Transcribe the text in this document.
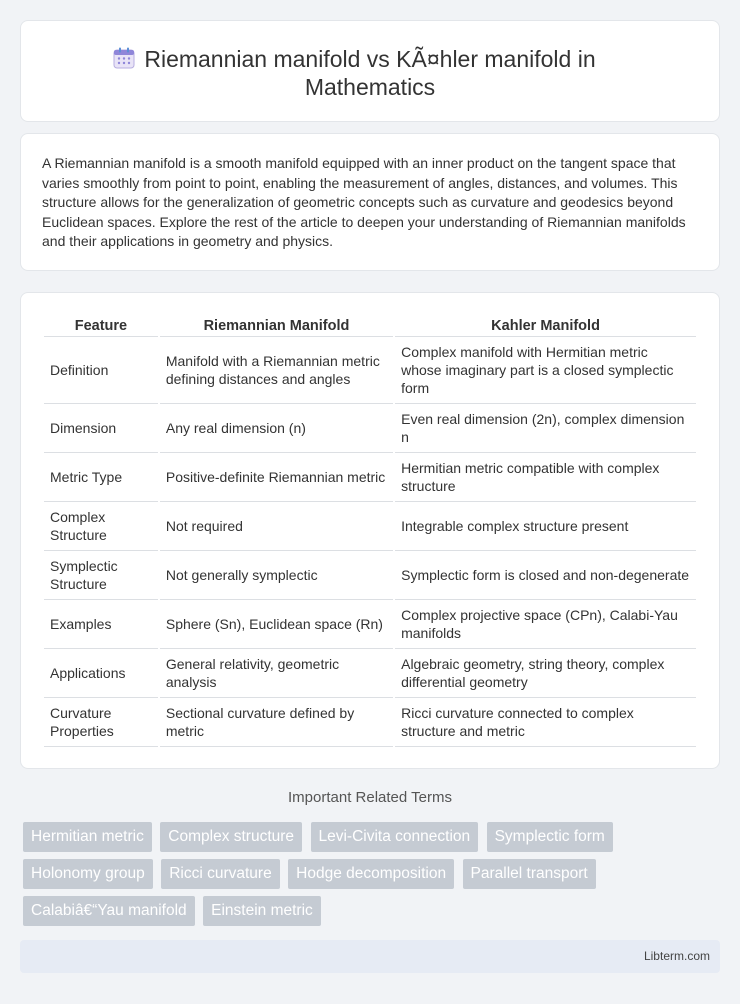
Riemannian manifold vs KÃ¤hler manifold in Mathematics

A Riemannian manifold is a smooth manifold equipped with an inner product on the tangent space that varies smoothly from point to point, enabling the measurement of angles, distances, and volumes. This structure allows for the generalization of geometric concepts such as curvature and geodesics beyond Euclidean spaces. Explore the rest of the article to deepen your understanding of Riemannian manifolds and their applications in geometry and physics.

Feature	Riemannian Manifold	Kahler Manifold
Definition	Manifold with a Riemannian metric defining distances and angles	Complex manifold with Hermitian metric whose imaginary part is a closed symplectic form
Dimension	Any real dimension (n)	Even real dimension (2n), complex dimension n
Metric Type	Positive-definite Riemannian metric	Hermitian metric compatible with complex structure
Complex Structure	Not required	Integrable complex structure present
Symplectic Structure	Not generally symplectic	Symplectic form is closed and non-degenerate
Examples	Sphere (Sn), Euclidean space (Rn)	Complex projective space (CPn), Calabi-Yau manifolds
Applications	General relativity, geometric analysis	Algebraic geometry, string theory, complex differential geometry
Curvature Properties	Sectional curvature defined by metric	Ricci curvature connected to complex structure and metric
Important Related Terms
Hermitian metric Complex structure Levi-Civita connection Symplectic form Holonomy group Ricci curvature Hodge decomposition Parallel transport Calabiâ€“Yau manifold Einstein metric
Libterm.com
